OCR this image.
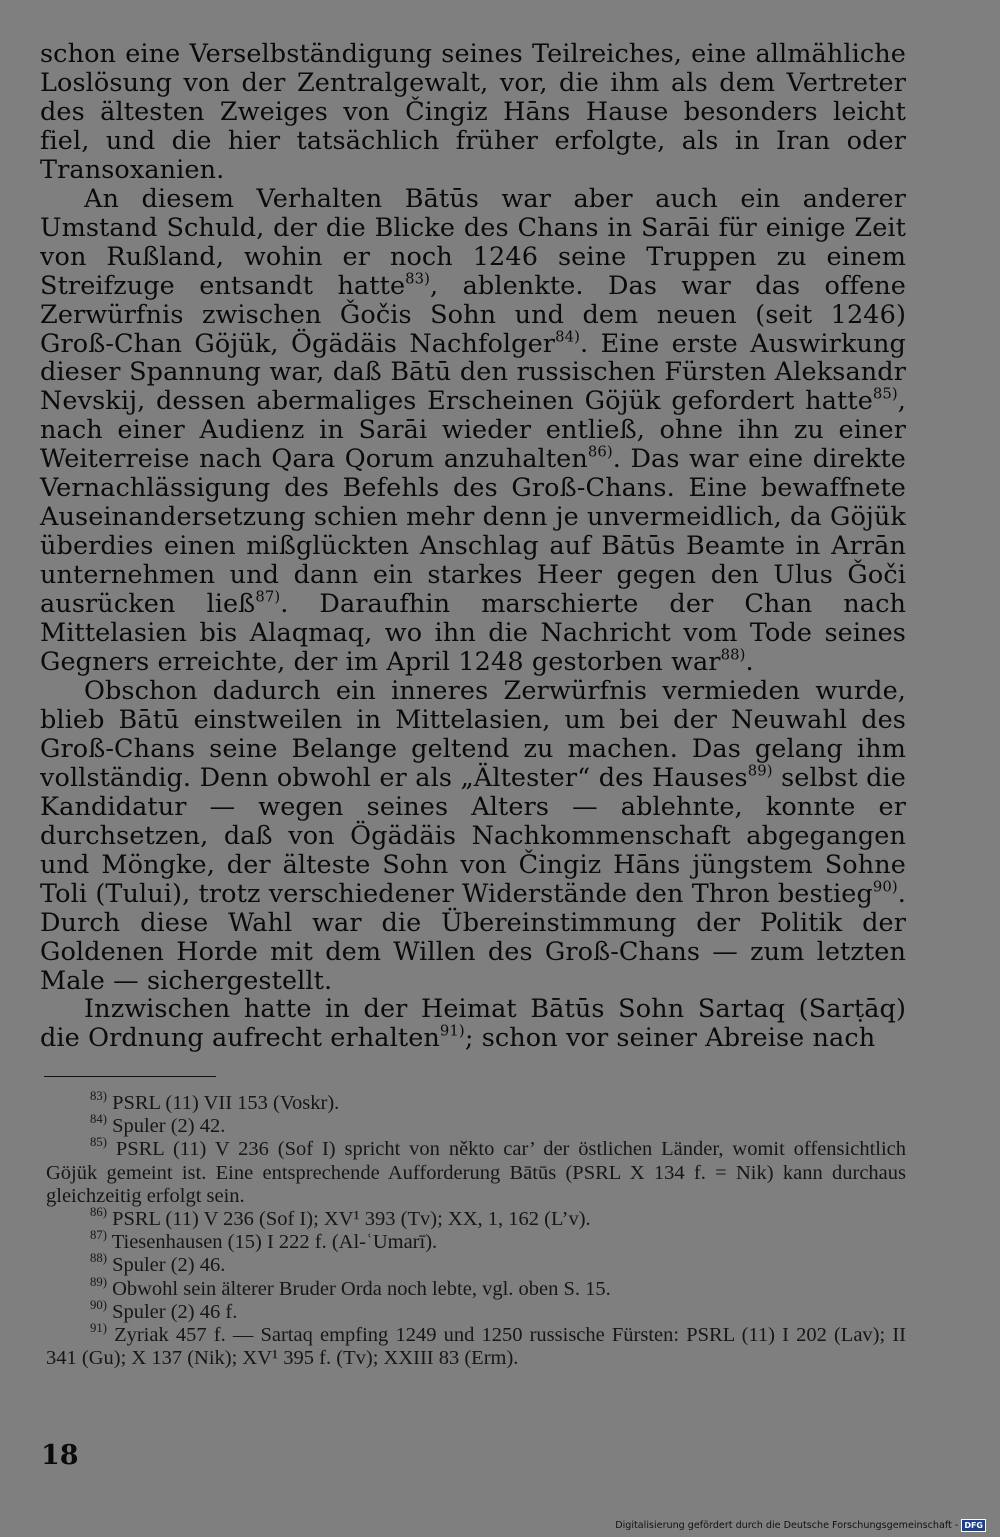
schon eine Verselbständigung seines Teilreiches, eine allmähliche Loslösung von der Zentralgewalt, vor, die ihm als dem Vertreter des ältesten Zweiges von Čingiz Hāns Hause besonders leicht fiel, und die hier tatsächlich früher erfolgte, als in Iran oder Transoxanien.

An diesem Verhalten Bātūs war aber auch ein anderer Umstand Schuld, der die Blicke des Chans in Sarāi für einige Zeit von Rußland, wohin er noch 1246 seine Truppen zu einem Streifzuge entsandt hatte$^{83)}$, ablenkte. Das war das offene Zerwürfnis zwischen Ǧočis Sohn und dem neuen (seit 1246) Groß-Chan Göjük, Ögädäis Nachfolger$^{84)}$. Eine erste Auswirkung dieser Spannung war, daß Bātū den russischen Fürsten Aleksandr Nevskij, dessen abermaliges Erscheinen Göjük gefordert hatte$^{85)}$, nach einer Audienz in Sarāi wieder entließ, ohne ihn zu einer Weiterreise nach Qara Qorum anzuhalten$^{86)}$. Das war eine direkte Vernachlässigung des Befehls des Groß-Chans. Eine bewaffnete Auseinandersetzung schien mehr denn je unvermeidlich, da Göjük überdies einen mißglückten Anschlag auf Bātūs Beamte in Arrān unternehmen und dann ein starkes Heer gegen den Ulus Ǧoči ausrücken ließ$^{87)}$. Daraufhin marschierte der Chan nach Mittelasien bis Alaqmaq, wo ihn die Nachricht vom Tode seines Gegners erreichte, der im April 1248 gestorben war$^{88)}$.

Obschon dadurch ein inneres Zerwürfnis vermieden wurde, blieb Bātū einstweilen in Mittelasien, um bei der Neuwahl des Groß-Chans seine Belange geltend zu machen. Das gelang ihm vollständig. Denn obwohl er als „Ältester“ des Hauses$^{89)}$ selbst die Kandidatur — wegen seines Alters — ablehnte, konnte er durchsetzen, daß von Ögädäis Nachkommenschaft abgegangen und Möngke, der älteste Sohn von Čingiz Hāns jüngstem Sohne Toli (Tului), trotz verschiedener Widerstände den Thron bestieg$^{90)}$. Durch diese Wahl war die Übereinstimmung der Politik der Goldenen Horde mit dem Willen des Groß-Chans — zum letzten Male — sichergestellt.

Inzwischen hatte in der Heimat Bātūs Sohn Sartaq (Sarṭāq) die Ordnung aufrecht erhalten$^{91)}$; schon vor seiner Abreise nach

$^{83)}$ PSRL (11) VII 153 (Voskr).

$^{84)}$ Spuler (2) 42.

$^{85)}$ PSRL (11) V 236 (Sof I) spricht von někto car’ der östlichen Länder, womit offensichtlich Göjük gemeint ist. Eine entsprechende Aufforderung Bātūs (PSRL X 134 f. = Nik) kann durchaus gleichzeitig erfolgt sein.

$^{86)}$ PSRL (11) V 236 (Sof I); XV¹ 393 (Tv); XX, 1, 162 (L’v).

$^{87)}$ Tiesenhausen (15) I 222 f. (Al-ʿUmarī).

$^{88)}$ Spuler (2) 46.

$^{89)}$ Obwohl sein älterer Bruder Orda noch lebte, vgl. oben S. 15.

$^{90)}$ Spuler (2) 46 f.

$^{91)}$ Zyriak 457 f. — Sartaq empfing 1249 und 1250 russische Fürsten: PSRL (11) I 202 (Lav); II 341 (Gu); X 137 (Nik); XV¹ 395 f. (Tv); XXIII 83 (Erm).

18
Digitalisierung gefördert durch die Deutsche Forschungsgemeinschaft - DFG
